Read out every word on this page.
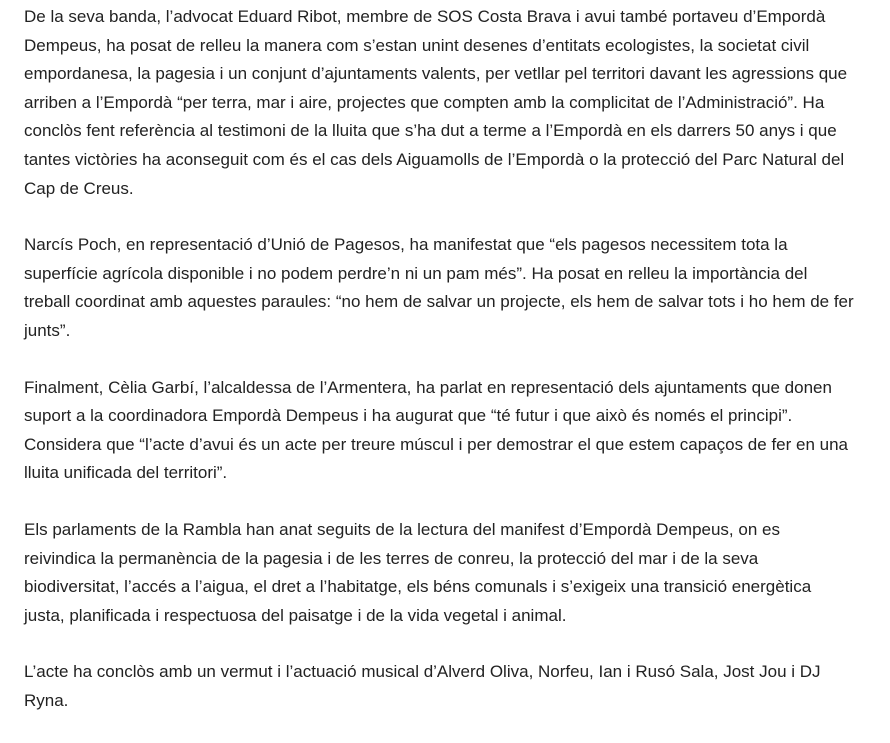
De la seva banda, l’advocat Eduard Ribot, membre de SOS Costa Brava i avui també portaveu d’Empordà Dempeus, ha posat de relleu la manera com s’estan unint desenes d’entitats ecologistes, la societat civil empordanesa, la pagesia i un conjunt d’ajuntaments valents, per vetllar pel territori davant les agressions que arriben a l’Empordà “per terra, mar i aire, projectes que compten amb la complicitat de l’Administració”. Ha conclòs fent referència al testimoni de la lluita que s’ha dut a terme a l’Empordà en els darrers 50 anys i que tantes victòries ha aconseguit com és el cas dels Aiguamolls de l’Empordà o la protecció del Parc Natural del Cap de Creus.

Narcís Poch, en representació d’Unió de Pagesos, ha manifestat que “els pagesos necessitem tota la superfície agrícola disponible i no podem perdre’n ni un pam més”. Ha posat en relleu la importància del treball coordinat amb aquestes paraules: “no hem de salvar un projecte, els hem de salvar tots i ho hem de fer junts”.

Finalment, Cèlia Garbí, l’alcaldessa de l’Armentera, ha parlat en representació dels ajuntaments que donen suport a la coordinadora Empordà Dempeus i ha augurat que “té futur i que això és només el principi”. Considera que “l’acte d’avui és un acte per treure múscul i per demostrar el que estem capaços de fer en una lluita unificada del territori”.

Els parlaments de la Rambla han anat seguits de la lectura del manifest d’Empordà Dempeus, on es reivindica la permanència de la pagesia i de les terres de conreu, la protecció del mar i de la seva biodiversitat, l’accés a l’aigua, el dret a l’habitatge, els béns comunals i s’exigeix una transició energètica justa, planificada i respectuosa del paisatge i de la vida vegetal i animal.

L’acte ha conclòs amb un vermut i l’actuació musical d’Alverd Oliva, Norfeu, Ian i Rusó Sala, Jost Jou i DJ Ryna.
